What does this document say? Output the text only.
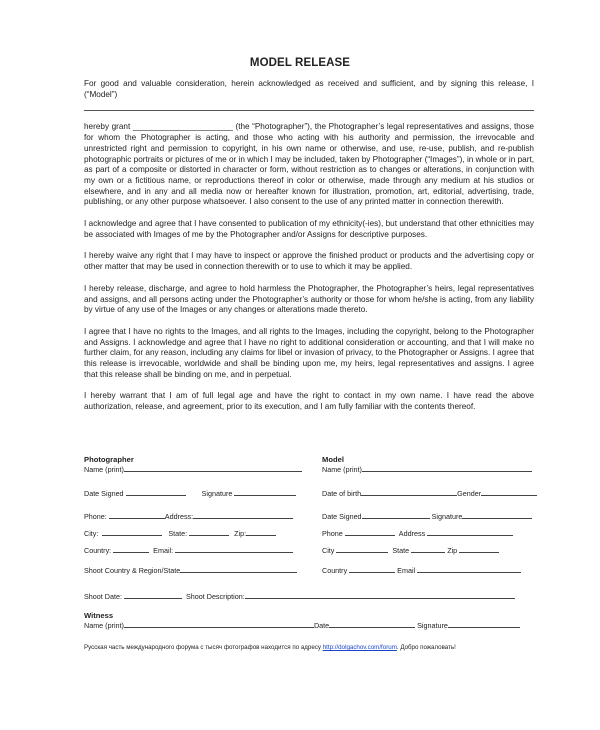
MODEL RELEASE

For good and valuable consideration, herein acknowledged as received and sufficient, and by signing this release, I (“Model”)

hereby grant ______________________ (the “Photographer”), the Photographer’s legal representatives and assigns, those for whom the Photographer is acting, and those who acting with his authority and permission, the irrevocable and unrestricted right and permission to copyright, in his own name or otherwise, and use, re-use, publish, and re-publish photographic portraits or pictures of me or in which I may be included, taken by Photographer (“Images”), in whole or in part, as part of a composite or distorted in character or form, without restriction as to changes or alterations, in conjunction with my own or a fictitious name, or reproductions thereof in color or otherwise, made through any medium at his studios or elsewhere, and in any and all media now or hereafter known for illustration, promotion, art, editorial, advertising, trade, publishing, or any other purpose whatsoever. I also consent to the use of any printed matter in connection therewith.

I acknowledge and agree that I have consented to publication of my ethnicity(-ies), but understand that other ethnicities may be associated with Images of me by the Photographer and/or Assigns for descriptive purposes.

I hereby waive any right that I may have to inspect or approve the finished product or products and the advertising copy or other matter that may be used in connection therewith or to use to which it may be applied.

I hereby release, discharge, and agree to hold harmless the Photographer, the Photographer’s heirs, legal representatives and assigns, and all persons acting under the Photographer’s authority or those for whom he/she is acting, from any liability by virtue of any use of the Images or any changes or alterations made thereto.

I agree that I have no rights to the Images, and all rights to the Images, including the copyright, belong to the Photographer and Assigns. I acknowledge and agree that I have no right to additional consideration or accounting, and that I will make no further claim, for any reason, including any claims for libel or invasion of privacy, to the Photographer or Assigns. I agree that this release is irrevocable, worldwide and shall be binding upon me, my heirs, legal representatives and assigns. I agree that this release shall be binding on me, and in perpetual.

I hereby warrant that I am of full legal age and have the right to contact in my own name. I have read the above authorization, release, and agreement, prior to its execution, and I am fully familiar with the contents thereof.

Photographer	Model
Name (print)	Name (print)
Date Signed	Signature	Date of birth	Gender
Phone:	Address:	Date Signed	Signature
City:	State:	Zip:	Phone	Address
Country:	Email:	City	State	Zip
Shoot Country & Region/State	Country	Email
Shoot Date:	Shoot Description:
Witness
Name (print)	Date	Signature
Русская часть международного форума с тысяч фотографов находится по адресу http://dolgachov.com/forum. Добро пожаловать!
